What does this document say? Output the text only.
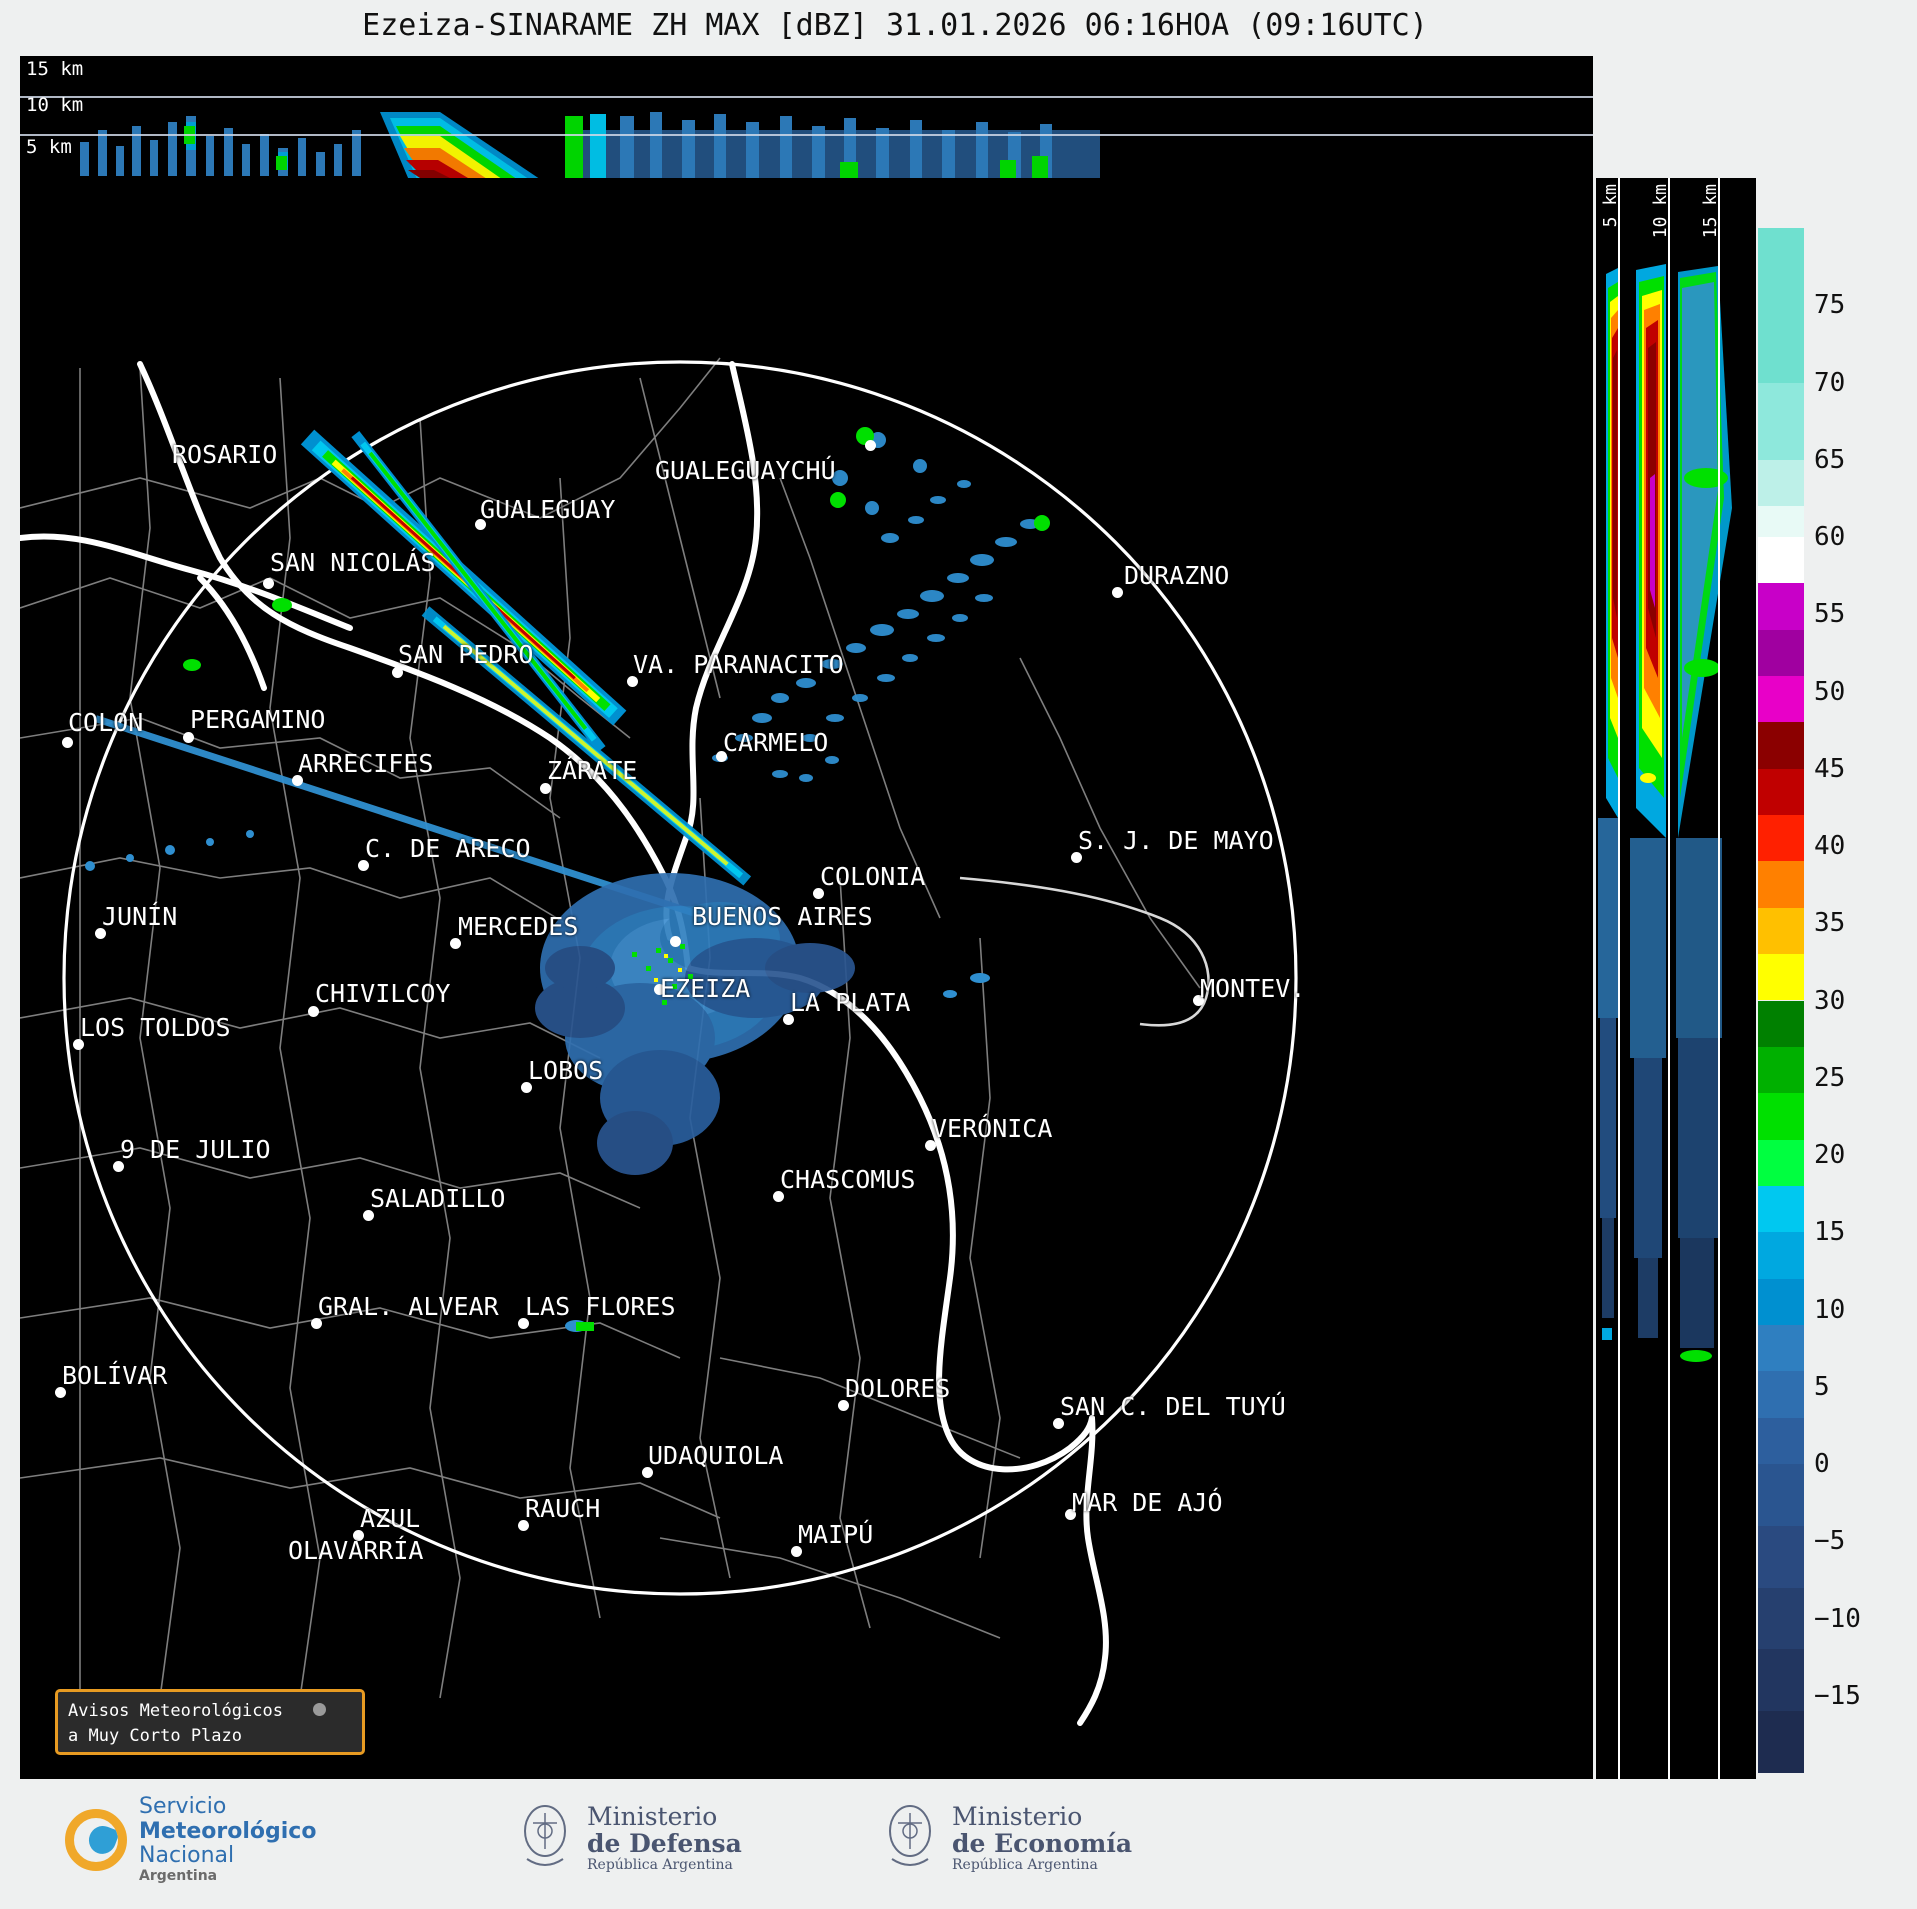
Ezeiza-SINARAME ZH MAX [dBZ] 31.01.2026 06:16HOA (09:16UTC)
15 km
10 km
5 km
ROSARIO
GUALEGUAYCHÚ
GUALEGUAY
DURAZNO
SAN NICOLÁS
SAN PEDRO	VA. PARANACITO
COLON PERGAMINO
CARMELO
ARRECIFES	ZÁRATE
C. DE ARECO	S. J. DE MAYO
COLONIA
BUENOS AIRES
JUNÍN	MERCEDES
EZEIZA LA PLATA
CHIVILCOY	MONTEV.
LOS TOLDOS
LOBOS
VERÓNICA
9 DE JULIO
CHASCOMUS
SALADILLO
GRAL. ALVEAR LAS FLORES
BOLÍVAR	DOLORES
SAN C. DEL TUYÚ
UDAQUIOLA
MAR DE AJÓ
RAUCH
AZUL
MAIPÚ
OLAVARRÍA
Avisos Meteorológicos
a Muy Corto Plazo
5 km 10 km 15 km
75
70
65
60
55
50
45
40
35
30
25
20
15
10
5
0
−5
−10
−15
Servicio
Meteorológico
Nacional
Argentina
Ministerio
de Defensa
República Argentina
Ministerio
de Economía
República Argentina
